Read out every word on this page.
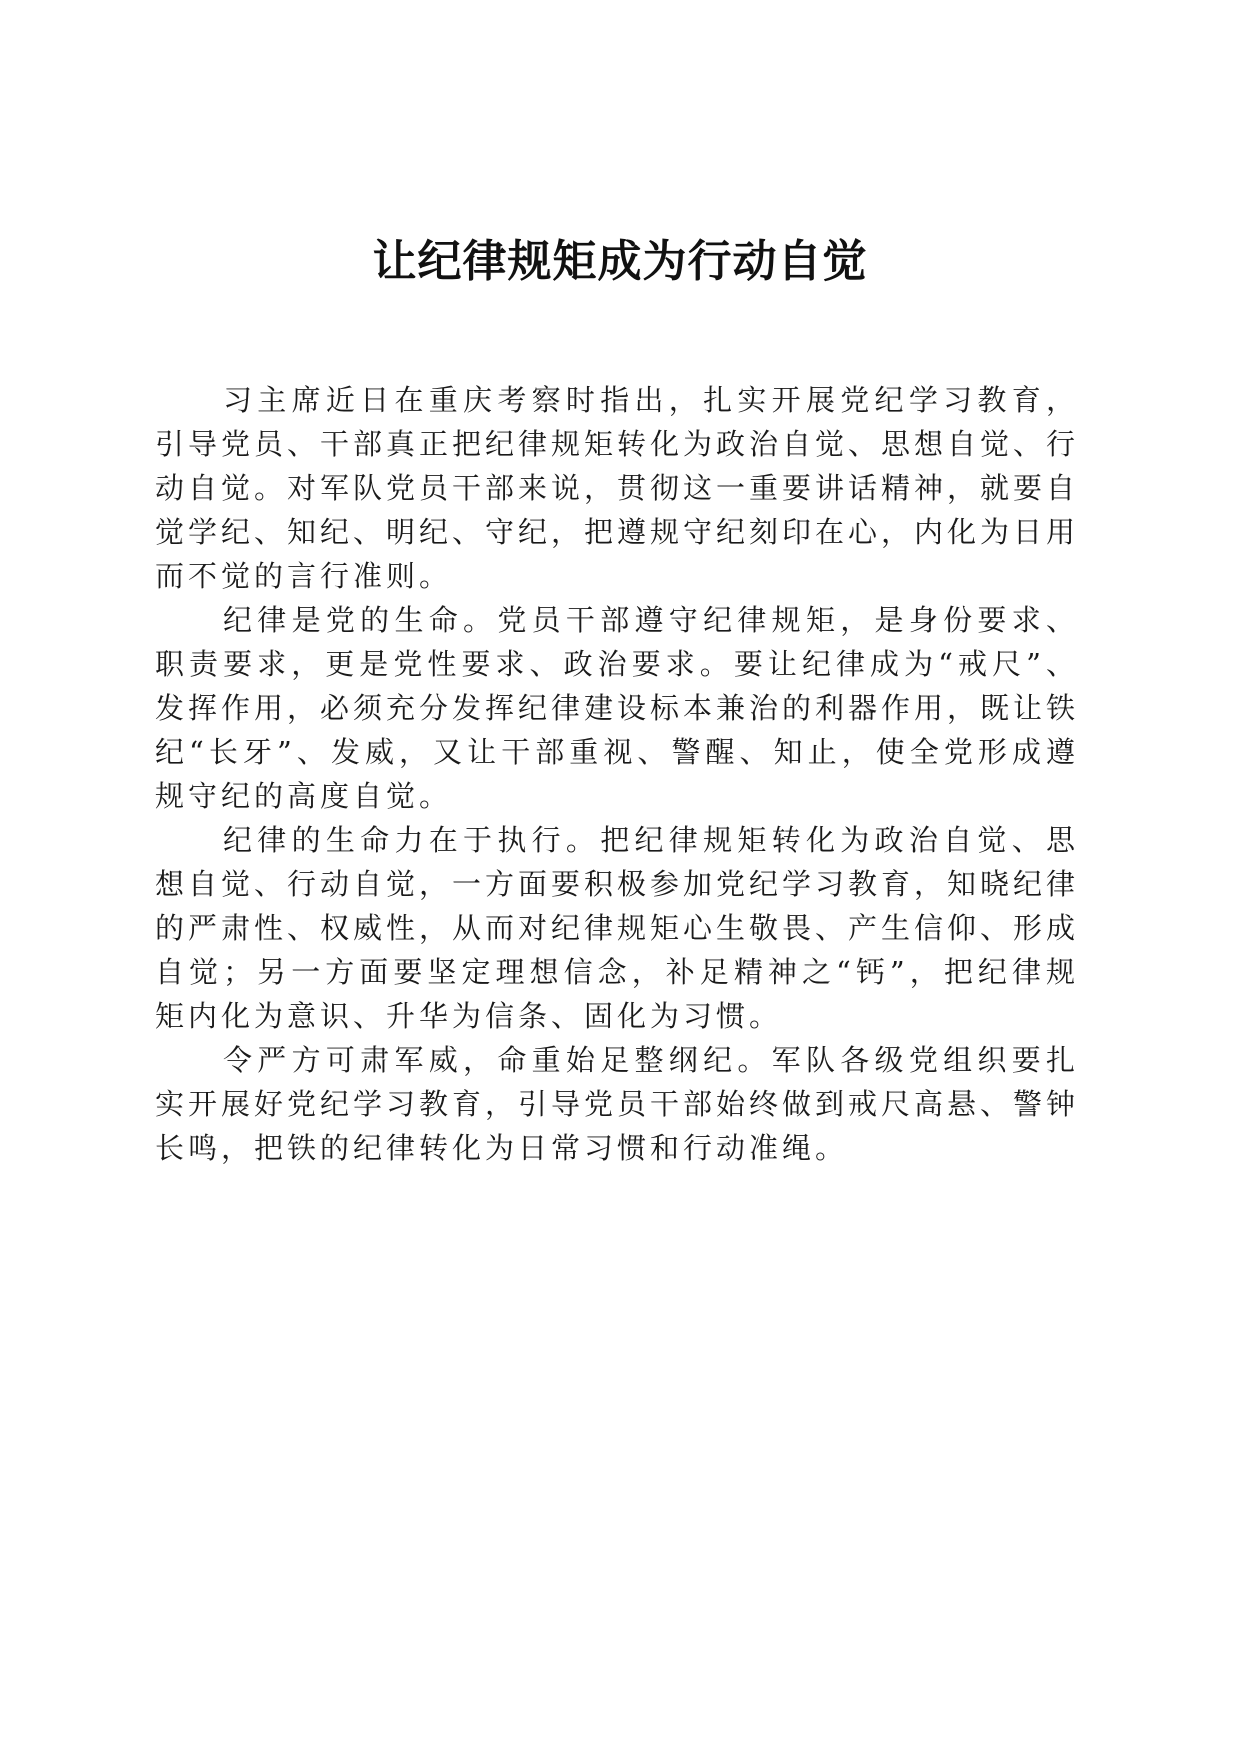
让纪律规矩成为行动自觉

习主席近日在重庆考察时指出，扎实开展党纪学习教育，引导党员、干部真正把纪律规矩转化为政治自觉、思想自觉、行动自觉。对军队党员干部来说，贯彻这一重要讲话精神，就要自觉学纪、知纪、明纪、守纪，把遵规守纪刻印在心，内化为日用而不觉的言行准则。

纪律是党的生命。党员干部遵守纪律规矩，是身份要求、职责要求，更是党性要求、政治要求。要让纪律成为“戒尺”、发挥作用，必须充分发挥纪律建设标本兼治的利器作用，既让铁纪“长牙”、发威，又让干部重视、警醒、知止，使全党形成遵规守纪的高度自觉。

纪律的生命力在于执行。把纪律规矩转化为政治自觉、思想自觉、行动自觉，一方面要积极参加党纪学习教育，知晓纪律的严肃性、权威性，从而对纪律规矩心生敬畏、产生信仰、形成自觉；另一方面要坚定理想信念，补足精神之“钙”，把纪律规矩内化为意识、升华为信条、固化为习惯。

令严方可肃军威，命重始足整纲纪。军队各级党组织要扎实开展好党纪学习教育，引导党员干部始终做到戒尺高悬、警钟长鸣，把铁的纪律转化为日常习惯和行动准绳。
